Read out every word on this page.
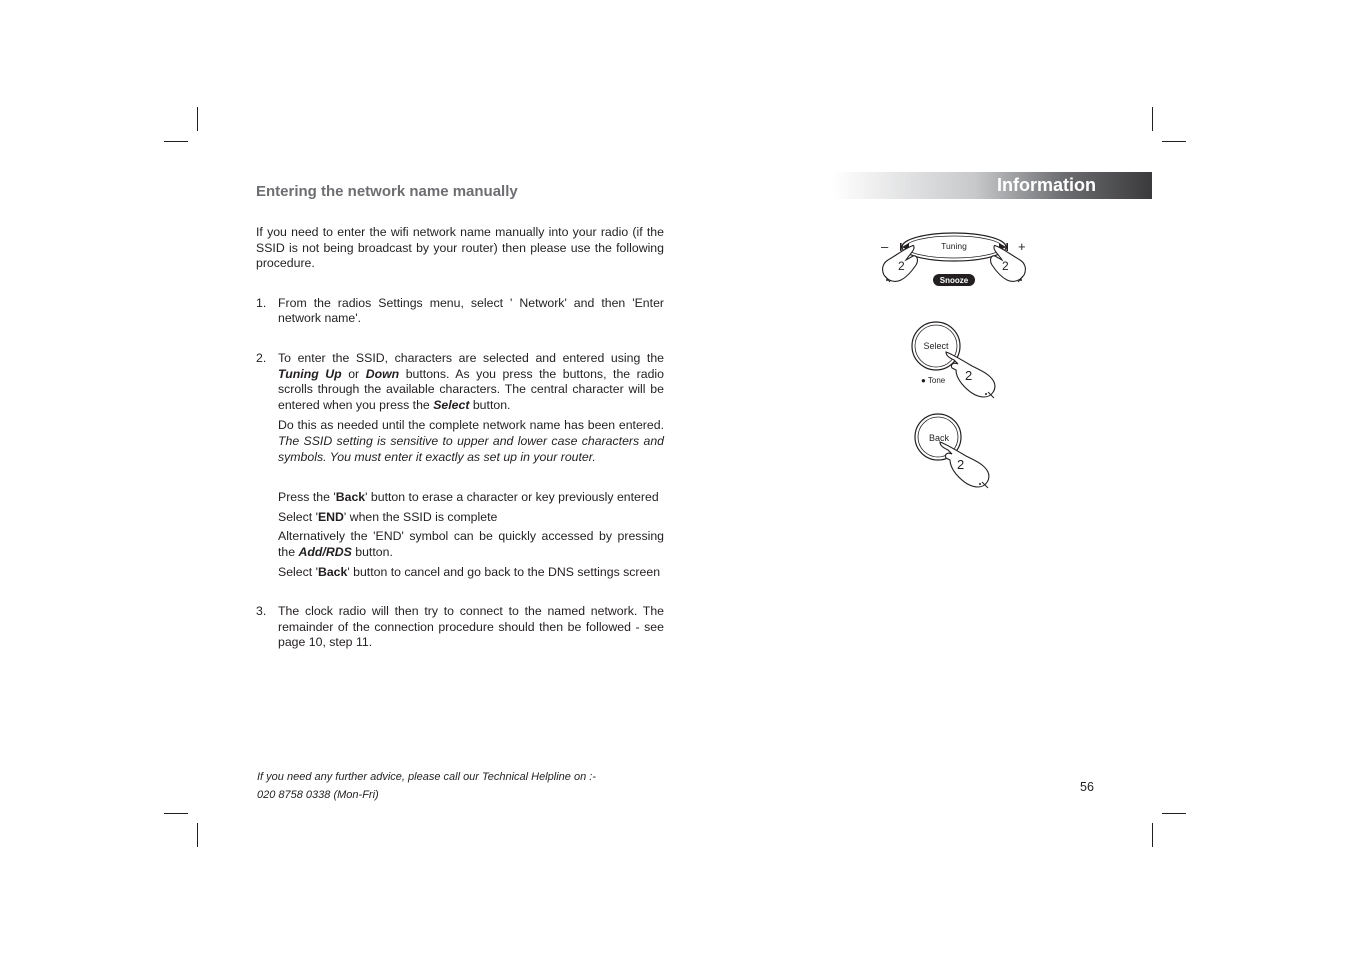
Entering the network name manually	Information

If you need to enter the wifi network name manually into your radio (if the SSID is not being broadcast by your router) then please use the following procedure.

1. From the radios Settings menu, select ' Network' and then 'Enter network name'.
2. To enter the SSID, characters are selected and entered using the Tuning Up or Down buttons. As you press the buttons, the radio scrolls through the available characters. The central character will be entered when you press the Select button.
Do this as needed until the complete network name has been entered. The SSID setting is sensitive to upper and lower case characters and symbols. You must enter it exactly as set up in your router.
Press the 'Back' button to erase a character or key previously entered
Select 'END' when the SSID is complete
Alternatively the 'END' symbol can be quickly accessed by pressing the Add/RDS button.
Select 'Back' button to cancel and go back to the DNS settings screen
3. The clock radio will then try to connect to the named network. The remainder of the connection procedure should then be followed - see page 10, step 11.
If you need any further advice, please call our Technical Helpline on :-
020 8758 0338 (Mon-Fri)
56
Tuning
–	+
2	2
Snooze
Select
● Tone 2
Back
2
